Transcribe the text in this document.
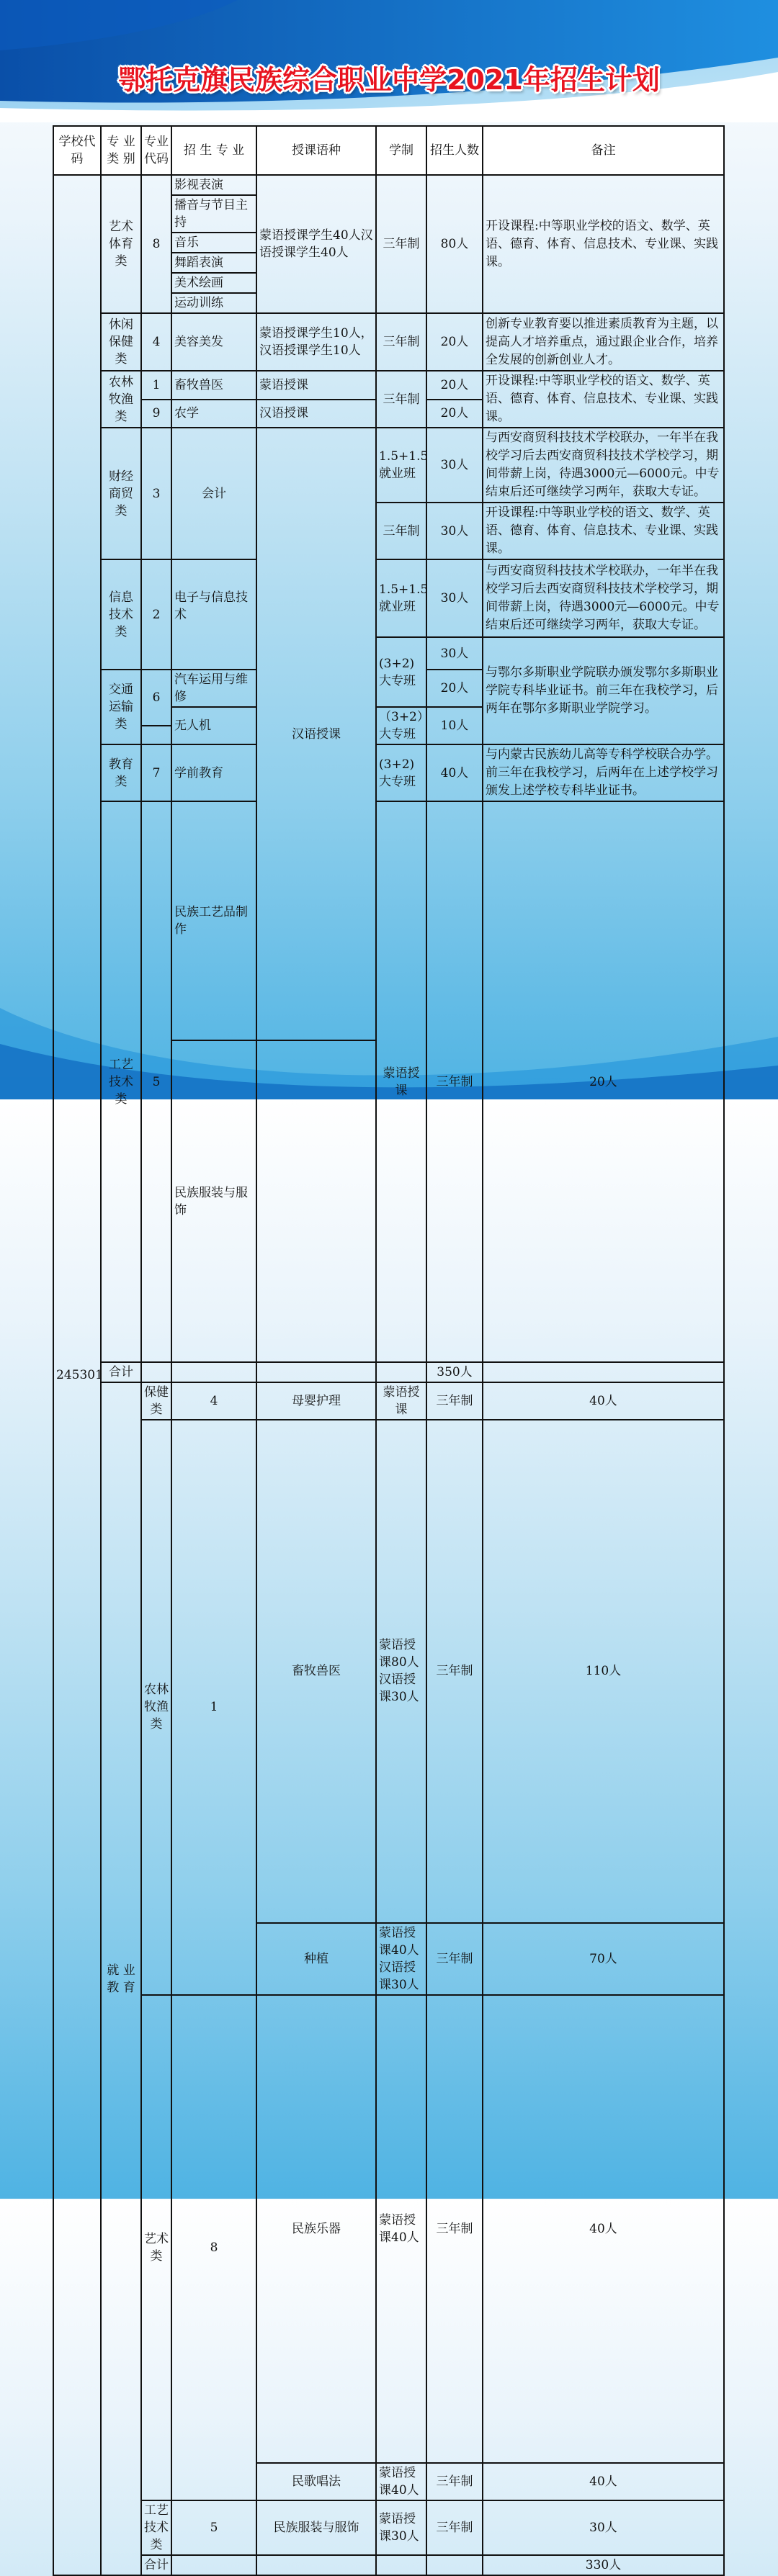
鄂托克旗民族综合职业中学2021年招生计划
学校代码	专 业 类 别	专业 代码	招 生 专 业	授课语种	学制	招生人数	备注	
245301	艺术体育类	8	影视表演	蒙语授课学生40人汉语授课学生40人	三年制	80人	开设课程:中等职业学校的语文、数学、英语、德育、体育、信息技术、专业课、实践课。	
			播音与节目主持					
			音乐					
			舞蹈表演					
			美术绘画					
			运动训练					
	休闲保健类	4	美容美发	蒙语授课学生10人，汉语授课学生10人	三年制	20人	创新专业教育要以推进素质教育为主题，以提高人才培养重点，通过跟企业合作，培养全发展的创新创业人才。	
	农林牧渔类	1	畜牧兽医	蒙语授课	三年制	20人	开设课程:中等职业学校的语文、数学、英语、德育、体育、信息技术、专业课、实践课。	
		9	农学	汉语授课		20人		
	财经商贸类	3	会计	汉语授课	1.5+1.5就业班	30人	与西安商贸科技技术学校联办，一年半在我校学习后去西安商贸科技技术学校学习，期间带薪上岗，待遇3000元—6000元。中专结束后还可继续学习两年，获取大专证。	
					三年制	30人	开设课程:中等职业学校的语文、数学、英语、德育、体育、信息技术、专业课、实践课。	
	信息技术类	2	电子与信息技术		1.5+1.5就业班	30人	与西安商贸科技技术学校联办，一年半在我校学习后去西安商贸科技技术学校学习，期间带薪上岗，待遇3000元—6000元。中专结束后还可继续学习两年，获取大专证。	
					(3+2)大专班	30人	与鄂尔多斯职业学院联办颁发鄂尔多斯职业学院专科毕业证书。前三年在我校学习，后两年在鄂尔多斯职业学院学习。	

	交通运输类	6	汽车运用与维修			20人		
			无人机		（3+2）大专班	10人		

	教育类	7	学前教育		(3+2)大专班	40人	与内蒙古民族幼儿高等专科学校联合办学。前三年在我校学习，后两年在上述学校学习颁发上述学校专科毕业证书。	
	工艺技术类	5	民族工艺品制作		蒙语授课	三年制	20人	
			民族服装与服饰					
	合计					350人		
	就 业 教 育	保健类	4	母婴护理	蒙语授课	三年制	40人	
		农林牧渔类	1	畜牧兽医	蒙语授课80人汉语授课30人	三年制	110人	
				种植	蒙语授课40人汉语授课30人	三年制	70人	
		艺术类	8	民族乐器	蒙语授课40人	三年制	40人	
				民歌唱法	蒙语授课40人	三年制	40人	
		工艺技术类	5	民族服装与服饰	蒙语授课30人	三年制	30人	
		合计					330人	
